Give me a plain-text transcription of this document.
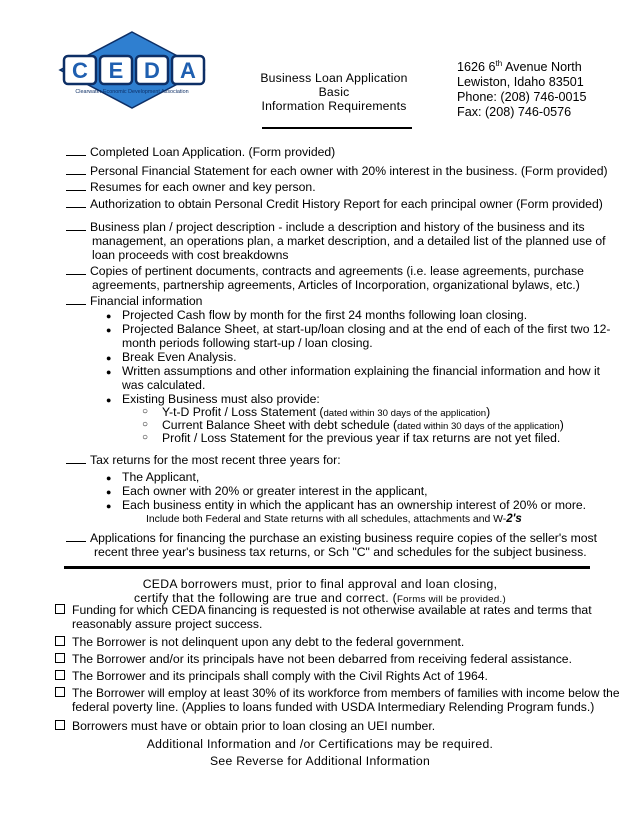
C E D A
Clearwater Economic Development Association
Business Loan Application
Basic
Information Requirements
1626 6th Avenue North
Lewiston, Idaho 83501
Phone: (208) 746-0015
Fax: (208) 746-0576
Completed Loan Application. (Form provided)
Personal Financial Statement for each owner with 20% interest in the business. (Form provided)
Resumes for each owner and key person.
Authorization to obtain Personal Credit History Report for each principal owner (Form provided)
Business plan / project description - include a description and history of the business and its
management, an operations plan, a market description, and a detailed list of the planned use of
loan proceeds with cost breakdowns
Copies of pertinent documents, contracts and agreements (i.e. lease agreements, purchase
agreements, partnership agreements, Articles of Incorporation, organizational bylaws, etc.)
Financial information
● Projected Cash flow by month for the first 24 months following loan closing.
● Projected Balance Sheet, at start-up/loan closing and at the end of each of the first two 12-
month periods following start-up / loan closing.
● Break Even Analysis.
● Written assumptions and other information explaining the financial information and how it
was calculated.
● Existing Business must also provide:
○ Y-t-D Profit / Loss Statement (dated within 30 days of the application)
○ Current Balance Sheet with debt schedule (dated within 30 days of the application)
○ Profit / Loss Statement for the previous year if tax returns are not yet filed.
Tax returns for the most recent three years for:
● The Applicant,
● Each owner with 20% or greater interest in the applicant,
● Each business entity in which the applicant has an ownership interest of 20% or more.
Include both Federal and State returns with all schedules, attachments and W-2's
Applications for financing the purchase an existing business require copies of the seller's most
recent three year's business tax returns, or Sch "C" and schedules for the subject business.
CEDA borrowers must, prior to final approval and loan closing,
certify that the following are true and correct. (Forms will be provided.)
Funding for which CEDA financing is requested is not otherwise available at rates and terms that
reasonably assure project success.
The Borrower is not delinquent upon any debt to the federal government.
The Borrower and/or its principals have not been debarred from receiving federal assistance.
The Borrower and its principals shall comply with the Civil Rights Act of 1964.
The Borrower will employ at least 30% of its workforce from members of families with income below the
federal poverty line. (Applies to loans funded with USDA Intermediary Relending Program funds.)
Borrowers must have or obtain prior to loan closing an UEI number.
Additional Information and /or Certifications may be required.
See Reverse for Additional Information
